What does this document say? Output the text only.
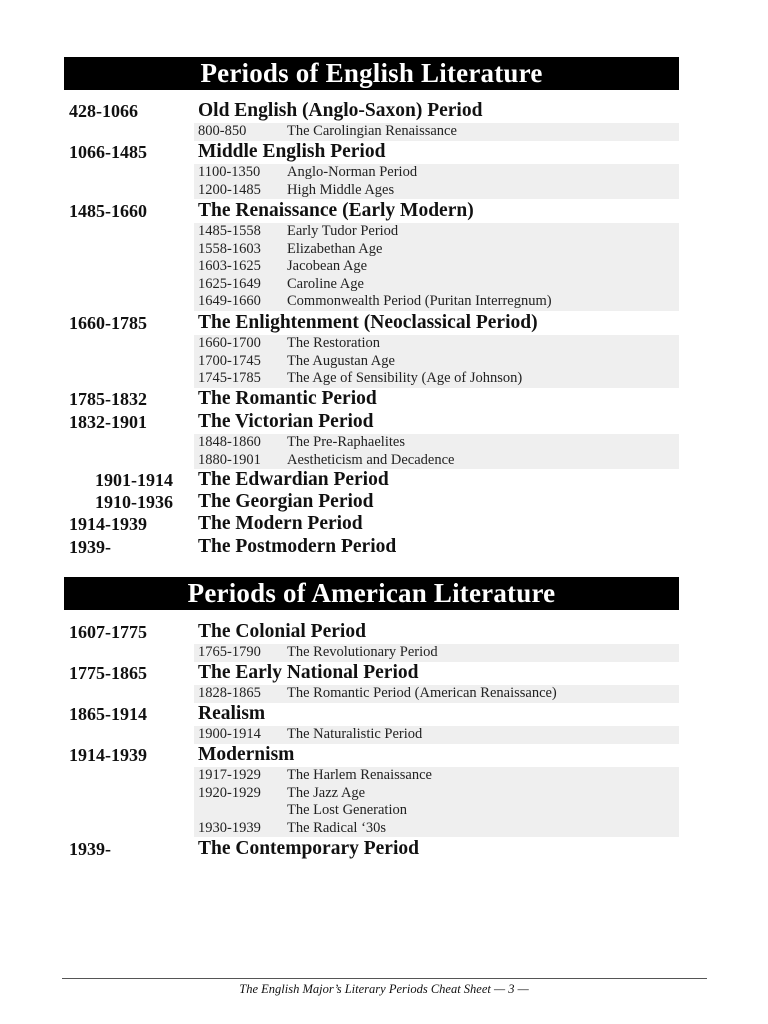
Periods of English Literature
428-1066	Old English (Anglo-Saxon) Period
800-850	The Carolingian Renaissance
1066-1485	Middle English Period
1100-1350 Anglo-Norman Period
1200-1485 High Middle Ages
1485-1660	The Renaissance (Early Modern)
1485-1558 Early Tudor Period
1558-1603 Elizabethan Age
1603-1625 Jacobean Age
1625-1649 Caroline Age
1649-1660 Commonwealth Period (Puritan Interregnum)
1660-1785	The Enlightenment (Neoclassical Period)
1660-1700 The Restoration
1700-1745 The Augustan Age
1745-1785 The Age of Sensibility (Age of Johnson)
1785-1832	The Romantic Period
1832-1901	The Victorian Period
1848-1860 The Pre-Raphaelites
1880-1901 Aestheticism and Decadence
1901-1914 The Edwardian Period
1910-1936 The Georgian Period
1914-1939	The Modern Period
1939-	The Postmodern Period
Periods of American Literature
1607-1775	The Colonial Period
1765-1790 The Revolutionary Period
1775-1865	The Early National Period
1828-1865 The Romantic Period (American Renaissance)
1865-1914	Realism
1900-1914 The Naturalistic Period
1914-1939	Modernism
1917-1929 The Harlem Renaissance
1920-1929 The Jazz Age
The Lost Generation
1930-1939 The Radical ‘30s
1939-	The Contemporary Period
The English Major’s Literary Periods Cheat Sheet — 3 —
